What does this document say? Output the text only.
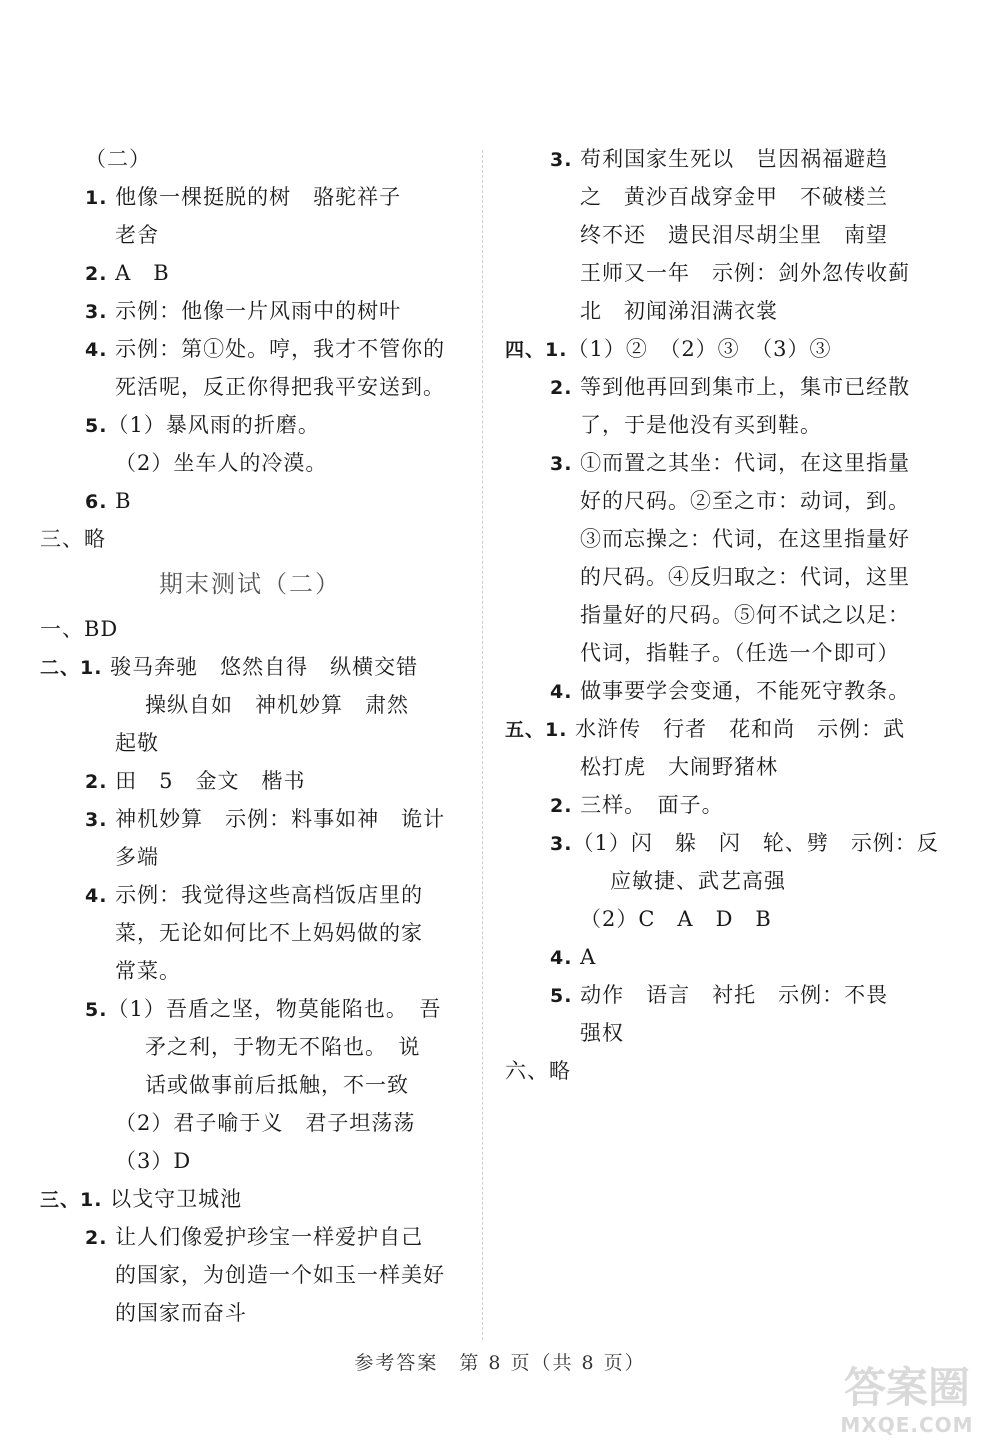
（二）
1. 他像一棵挺脱的树　骆驼祥子
老舍
2. A　B
3. 示例：他像一片风雨中的树叶
4. 示例：第①处。哼，我才不管你的
死活呢，反正你得把我平安送到。
5.（1）暴风雨的折磨。
（2）坐车人的冷漠。
6. B
三、略
期末测试（二）
一、BD
二、1. 骏马奔驰　悠然自得　纵横交错
操纵自如　神机妙算　肃然
起敬
2. 田　5　金文　楷书
3. 神机妙算　示例：料事如神　诡计
多端
4. 示例：我觉得这些高档饭店里的
菜，无论如何比不上妈妈做的家
常菜。
5.（1）吾盾之坚，物莫能陷也。　吾
矛之利，于物无不陷也。　说
话或做事前后抵触，不一致
（2）君子喻于义　君子坦荡荡
（3）D
三、1. 以戈守卫城池
2. 让人们像爱护珍宝一样爱护自己
的国家，为创造一个如玉一样美好
的国家而奋斗
3. 苟利国家生死以　岂因祸福避趋
之　黄沙百战穿金甲　不破楼兰
终不还　遗民泪尽胡尘里　南望
王师又一年　示例：剑外忽传收蓟
北　初闻涕泪满衣裳
四、1.（1）②　（2）③　（3）③
2. 等到他再回到集市上，集市已经散
了，于是他没有买到鞋。
3. ①而置之其坐：代词，在这里指量
好的尺码。②至之市：动词，到。
③而忘操之：代词，在这里指量好
的尺码。④反归取之：代词，这里
指量好的尺码。⑤何不试之以足：
代词，指鞋子。（任选一个即可）
4. 做事要学会变通，不能死守教条。
五、1. 水浒传　行者　花和尚　示例：武
松打虎　大闹野猪林
2. 三样。　面子。
3.（1）闪　躲　闪　轮、劈　示例：反
应敏捷、武艺高强
（2）C　A　D　B
4. A
5. 动作　语言　衬托　示例：不畏
强权
六、略
参考答案　第 8 页（共 8 页）	答案圈
MXQE.COM
